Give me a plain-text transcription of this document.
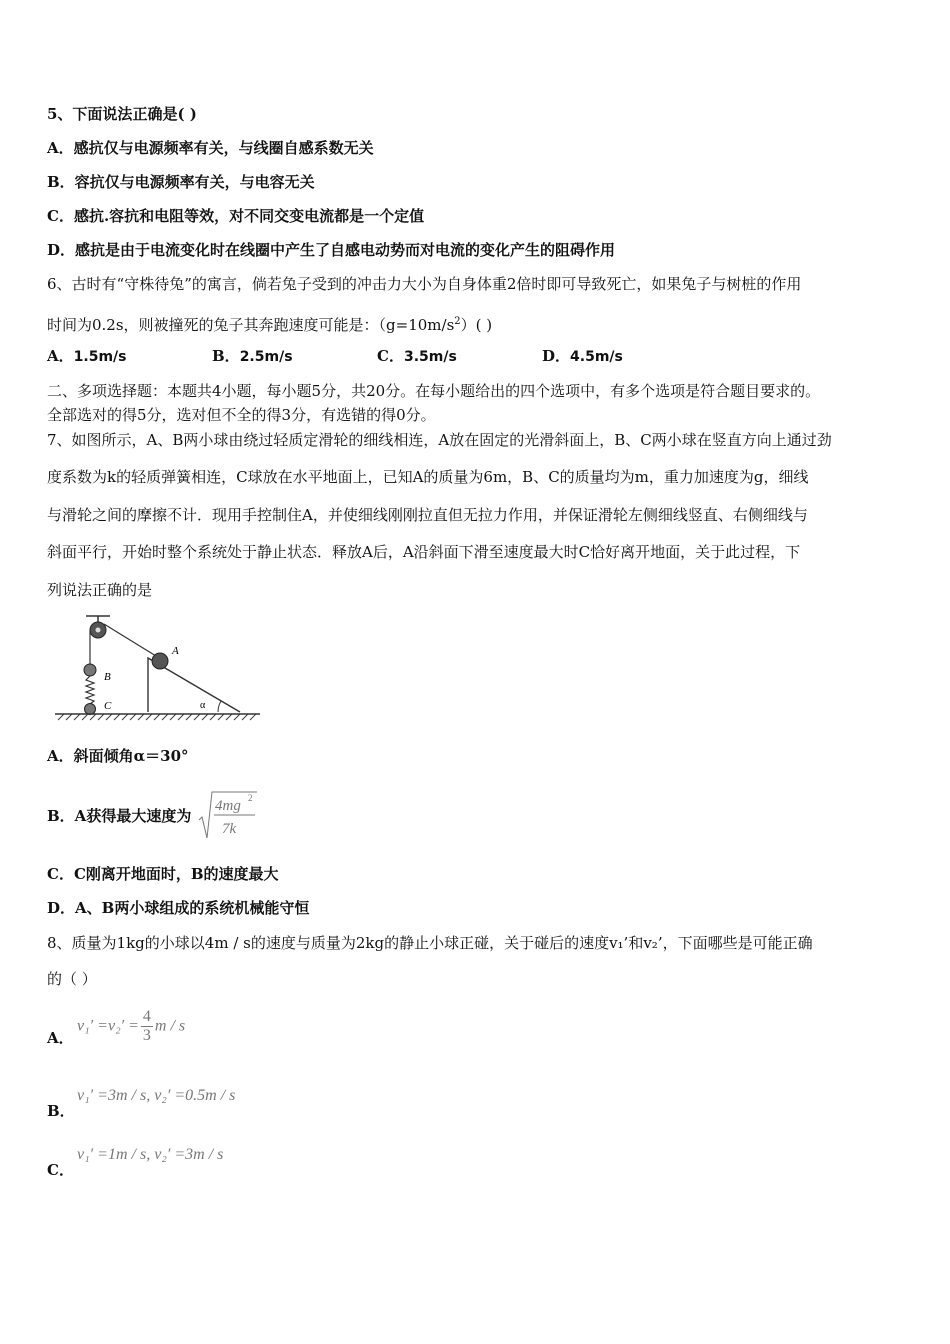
5、下面说法正确是( )
A．感抗仅与电源频率有关，与线圈自感系数无关
B．容抗仅与电源频率有关，与电容无关
C．感抗.容抗和电阻等效，对不同交变电流都是一个定值
D．感抗是由于电流变化时在线圈中产生了自感电动势而对电流的变化产生的阻碍作用
6、古时有“守株待兔”的寓言，倘若兔子受到的冲击力大小为自身体重2倍时即可导致死亡，如果兔子与树桩的作用
时间为0.2s，则被撞死的兔子其奔跑速度可能是：$(g=10m/s^2)$( )
A．1.5m/s	B．2.5m/s	C．3.5m/s	D．4.5m/s
二、多项选择题：本题共4小题，每小题5分，共20分。在每小题给出的四个选项中，有多个选项是符合题目要求的。
全部选对的得5分，选对但不全的得3分，有选错的得0分。
7、如图所示，A、B两小球由绕过轻质定滑轮的细线相连，A放在固定的光滑斜面上，B、C两小球在竖直方向上通过劲
度系数为k的轻质弹簧相连，C球放在水平地面上，已知A的质量为6m，B、C的质量均为m，重力加速度为g，细线
与滑轮之间的摩擦不计．现用手控制住A，并使细线刚刚拉直但无拉力作用，并保证滑轮左侧细线竖直、右侧细线与
斜面平行，开始时整个系统处于静止状态．释放A后，A沿斜面下滑至速度最大时C恰好离开地面，关于此过程，下
列说法正确的是
B
C
A
α
A．斜面倾角α＝30°
B．A获得最大速度为
4mg 2
7k
C．C刚离开地面时，B的速度最大
D．A、B两小球组成的系统机械能守恒
8、质量为1kg的小球以4m / s的速度与质量为2kg的静止小球正碰，关于碰后的速度v₁’和v₂’，下面哪些是可能正确
的（ ）
A．
$v_1' =v_2' = \frac{4}{3}$ m / s
B．
v₁′ =3m / s, v₂′ =0.5m / s
C．
v₁′ =1m / s, v₂′ =3m / s
